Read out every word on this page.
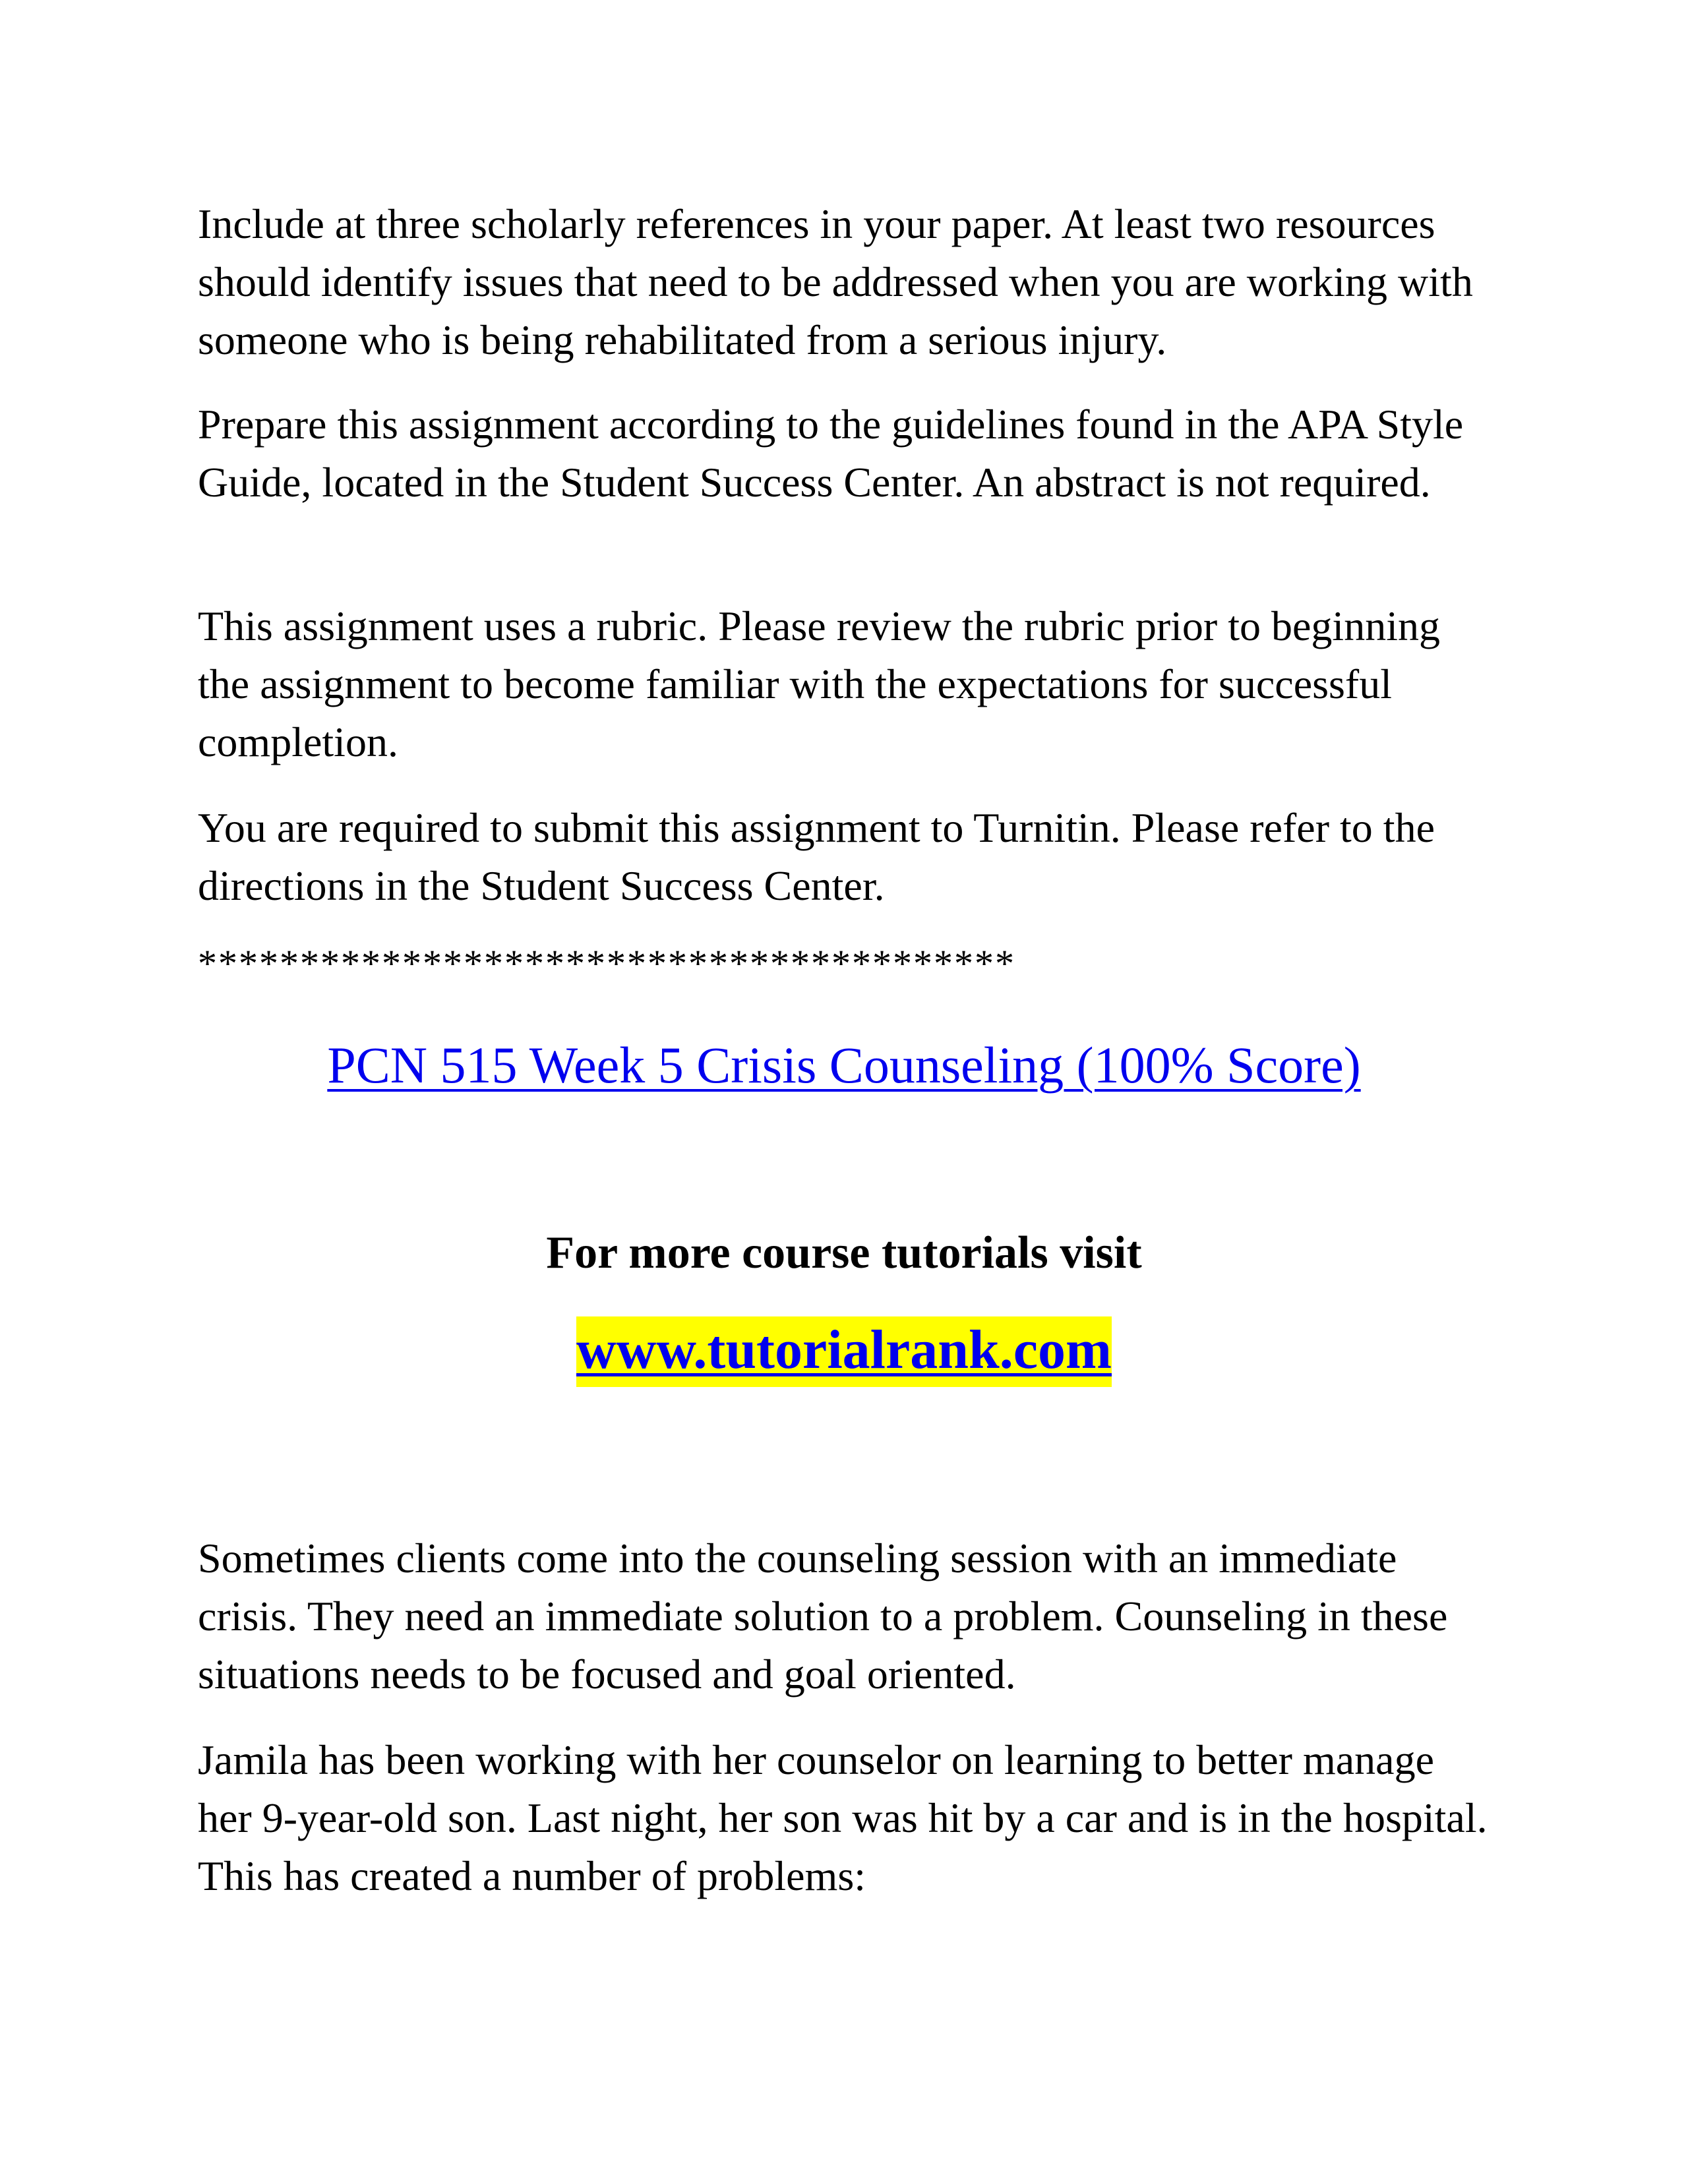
Include at three scholarly references in your paper. At least two resources should identify issues that need to be addressed when you are working with someone who is being rehabilitated from a serious injury.

Prepare this assignment according to the guidelines found in the APA Style Guide, located in the Student Success Center. An abstract is not required.

This assignment uses a rubric. Please review the rubric prior to beginning the assignment to become familiar with the expectations for successful completion.

You are required to submit this assignment to Turnitin. Please refer to the directions in the Student Success Center.

****************************************

PCN 515 Week 5 Crisis Counseling (100% Score)
For more course tutorials visit
www.tutorialrank.com

Sometimes clients come into the counseling session with an immediate crisis. They need an immediate solution to a problem. Counseling in these situations needs to be focused and goal oriented.

Jamila has been working with her counselor on learning to better manage her 9-year-old son. Last night, her son was hit by a car and is in the hospital. This has created a number of problems:
